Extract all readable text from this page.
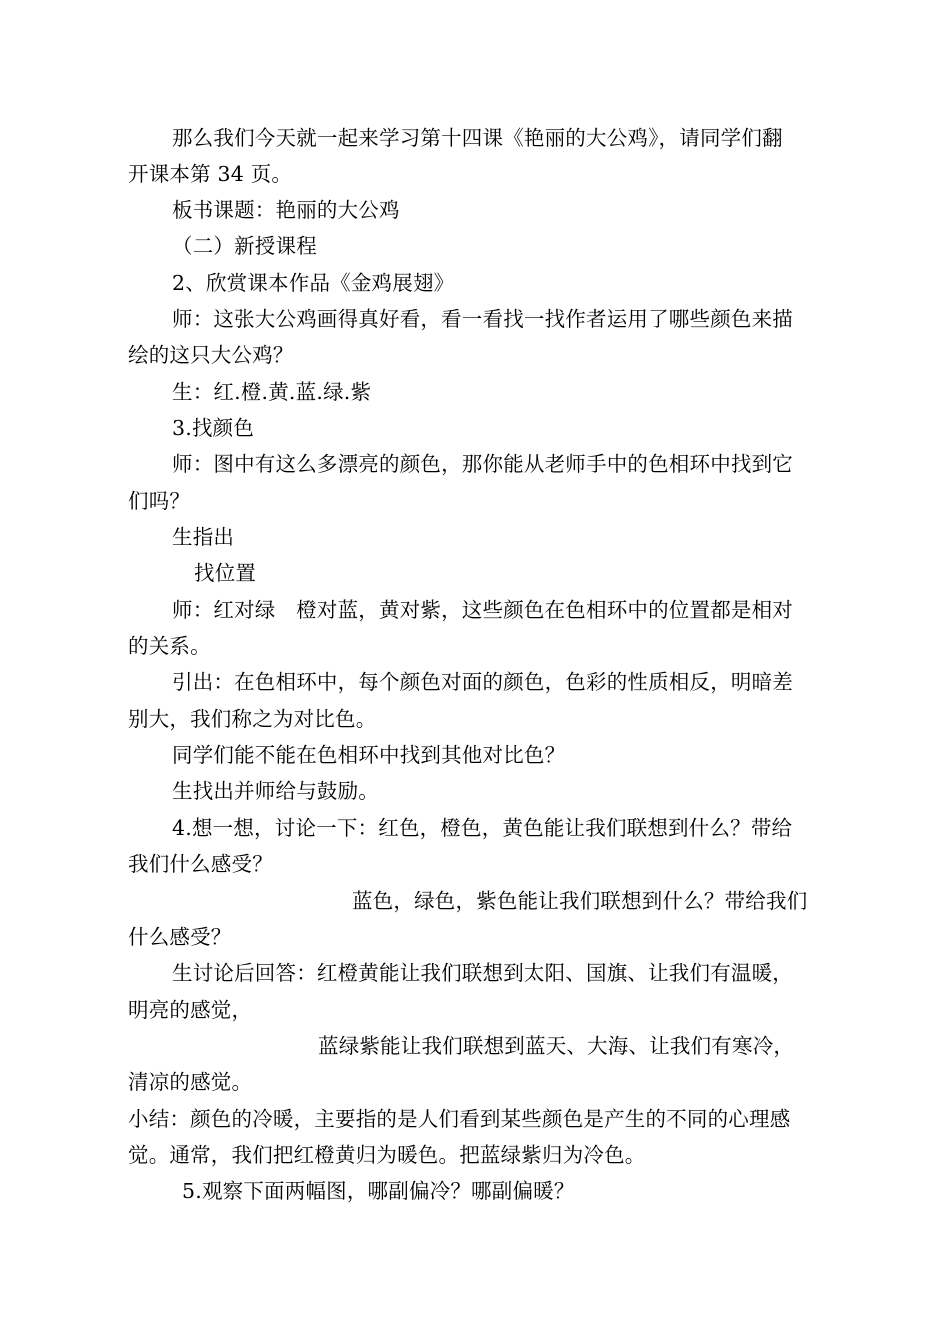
那么我们今天就一起来学习第十四课《艳丽的大公鸡》，请同学们翻
开课本第 34 页。
板书课题：艳丽的大公鸡
（二）新授课程
2、欣赏课本作品《金鸡展翅》
师：这张大公鸡画得真好看，看一看找一找作者运用了哪些颜色来描
绘的这只大公鸡？
生：红.橙.黄.蓝.绿.紫
3.找颜色
师：图中有这么多漂亮的颜色，那你能从老师手中的色相环中找到它
们吗？
生指出
找位置
师：红对绿　橙对蓝，黄对紫，这些颜色在色相环中的位置都是相对
的关系。
引出：在色相环中，每个颜色对面的颜色，色彩的性质相反，明暗差
别大，我们称之为对比色。
同学们能不能在色相环中找到其他对比色？
生找出并师给与鼓励。
4.想一想，讨论一下：红色，橙色，黄色能让我们联想到什么？带给
我们什么感受？
蓝色，绿色，紫色能让我们联想到什么？带给我们
什么感受？
生讨论后回答：红橙黄能让我们联想到太阳、国旗、让我们有温暖，
明亮的感觉，
蓝绿紫能让我们联想到蓝天、大海、让我们有寒冷，
清凉的感觉。
小结：颜色的冷暖，主要指的是人们看到某些颜色是产生的不同的心理感
觉。通常，我们把红橙黄归为暖色。把蓝绿紫归为冷色。
5.观察下面两幅图，哪副偏冷？哪副偏暖？
